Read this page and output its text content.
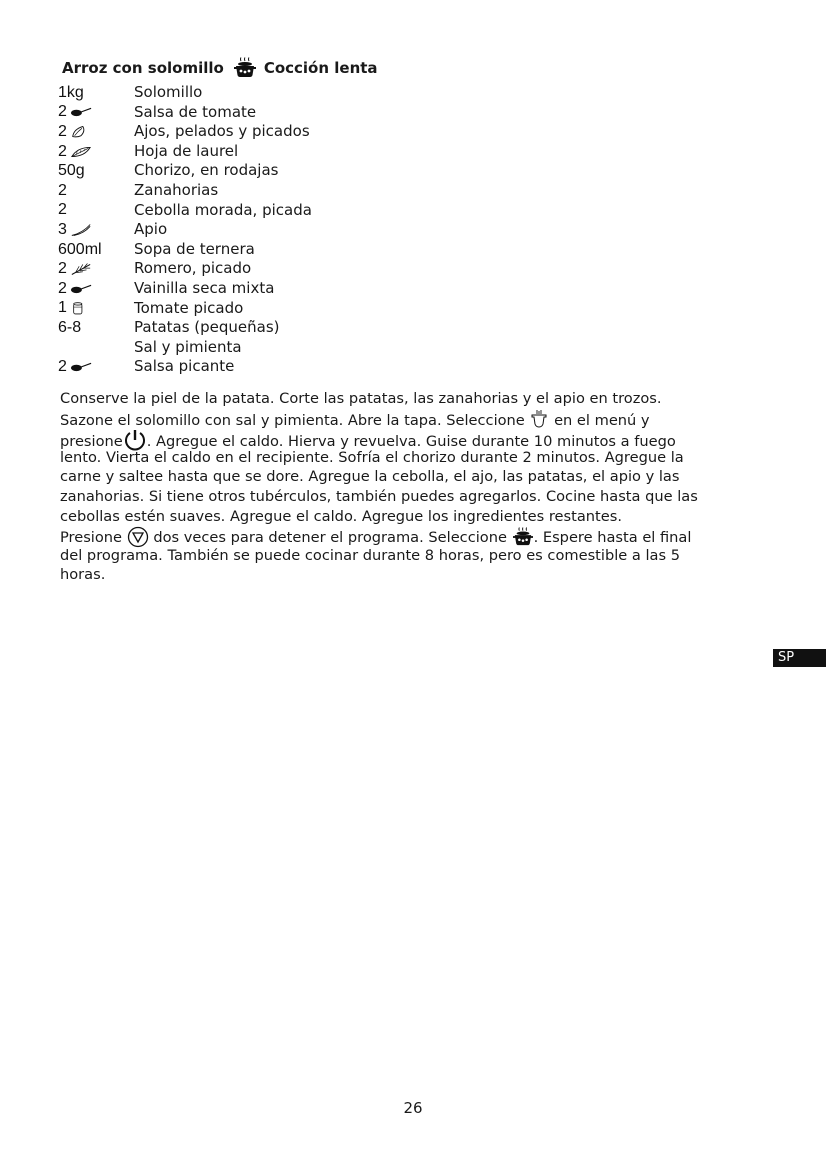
Arroz con solomillo	Cocción lenta
1kg	Solomillo
2	Salsa de tomate
2	Ajos, pelados y picados
2	Hoja de laurel
50g	Chorizo, en rodajas
2	Zanahorias
2	Cebolla morada, picada
3	Apio
600ml Sopa de ternera
2	Romero, picado
2	Vainilla seca mixta
1	Tomate picado
6-8	Patatas (pequeñas)
Sal y pimienta
2	Salsa picante
Conserve la piel de la patata. Corte las patatas, las zanahorias y el apio en trozos.
Sazone el solomillo con sal y pimienta. Abre la tapa. Seleccione en el menú y
presione . Agregue el caldo. Hierva y revuelva. Guise durante 10 minutos a fuego
lento. Vierta el caldo en el recipiente. Sofría el chorizo durante 2 minutos. Agregue la
carne y saltee hasta que se dore. Agregue la cebolla, el ajo, las patatas, el apio y las
zanahorias. Si tiene otros tubérculos, también puedes agregarlos. Cocine hasta que las
cebollas estén suaves. Agregue el caldo. Agregue los ingredientes restantes.
Presione dos veces para detener el programa. Seleccione . Espere hasta el final
del programa. También se puede cocinar durante 8 horas, pero es comestible a las 5
horas.
SP
26
